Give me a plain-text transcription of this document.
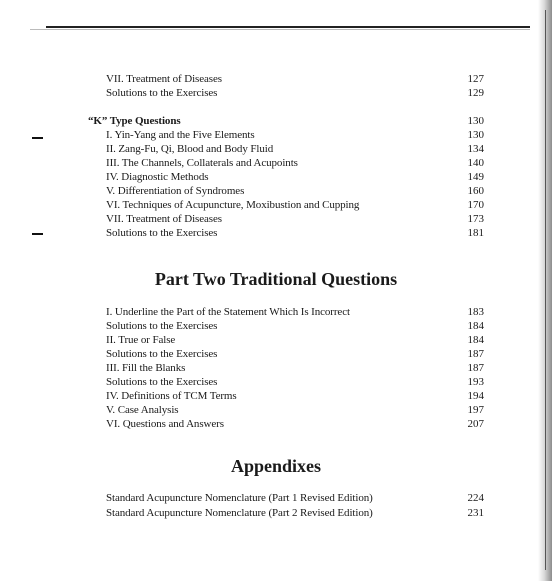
VII. Treatment of Diseases	127
Solutions to the Exercises	129
“K” Type Questions	130
I. Yin-Yang and the Five Elements	130
II. Zang-Fu, Qi, Blood and Body Fluid	134
III. The Channels, Collaterals and Acupoints	140
IV. Diagnostic Methods	149
V. Differentiation of Syndromes	160
VI. Techniques of Acupuncture, Moxibustion and Cupping	170
VII. Treatment of Diseases	173
Solutions to the Exercises	181
Part Two Traditional Questions
I. Underline the Part of the Statement Which Is Incorrect	183
Solutions to the Exercises	184
II. True or False	184
Solutions to the Exercises	187
III. Fill the Blanks	187
Solutions to the Exercises	193
IV. Definitions of TCM Terms	194
V. Case Analysis	197
VI. Questions and Answers	207
Appendixes
Standard Acupuncture Nomenclature (Part 1 Revised Edition)	224
Standard Acupuncture Nomenclature (Part 2 Revised Edition)	231
